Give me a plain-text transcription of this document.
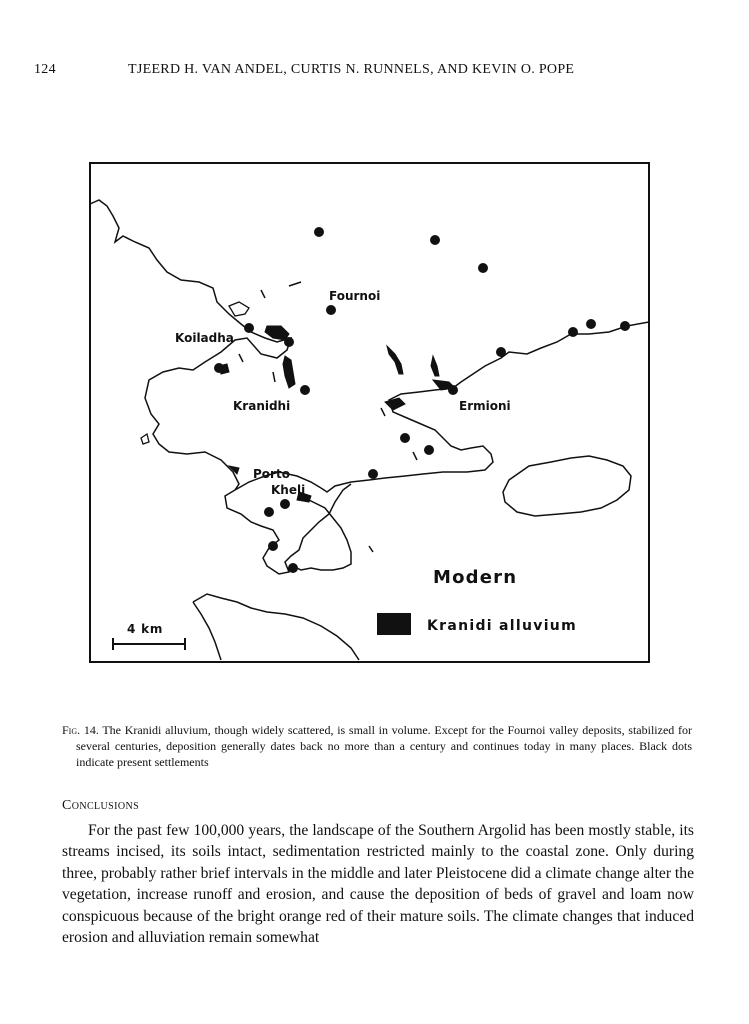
124	TJEERD H. VAN ANDEL, CURTIS N. RUNNELS, AND KEVIN O. POPE
Fournoi
Koiladha
Kranidhi	Ermioni
Porto
Kheli
Modern
Kranidi alluvium
4 km

Fig. 14. The Kranidi alluvium, though widely scattered, is small in volume. Except for the Fournoi valley deposits, stabilized for several centuries, deposition generally dates back no more than a century and continues today in many places. Black dots indicate present settlements

Conclusions

For the past few 100,000 years, the landscape of the Southern Argolid has been mostly stable, its streams incised, its soils intact, sedimentation restricted mainly to the coastal zone. Only during three, probably rather brief intervals in the middle and later Pleistocene did a climate change alter the vegetation, increase runoff and erosion, and cause the deposition of beds of gravel and loam now conspicuous because of the bright orange red of their mature soils. The climate changes that induced erosion and alluviation remain somewhat
